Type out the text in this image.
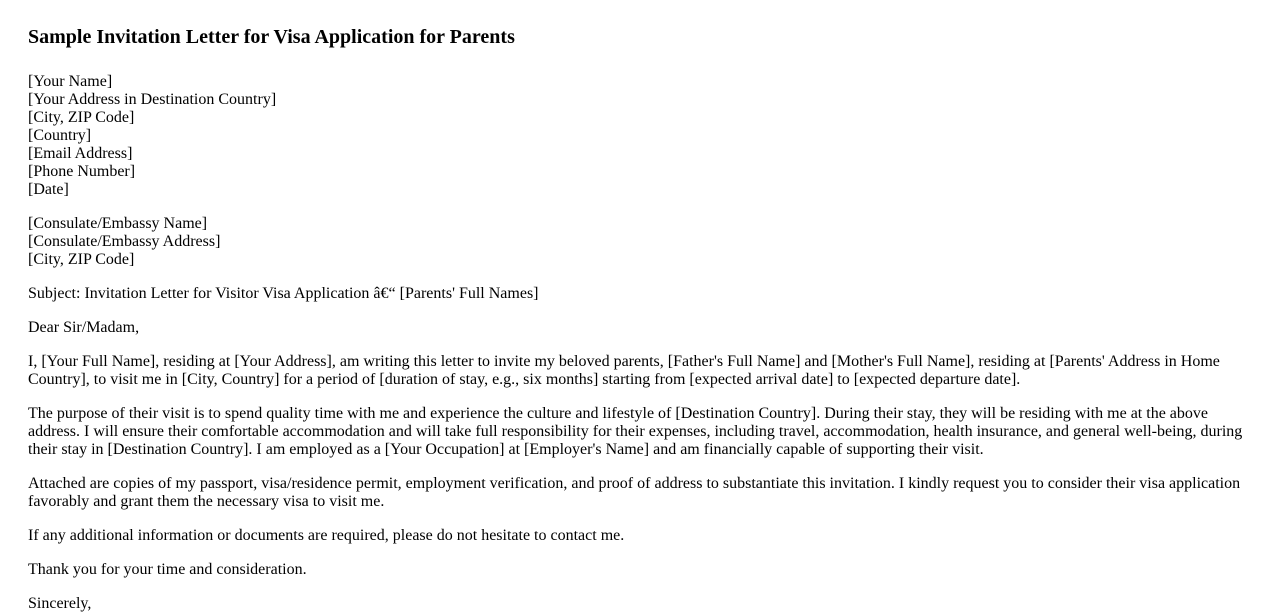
Sample Invitation Letter for Visa Application for Parents
[Your Name]
[Your Address in Destination Country]
[City, ZIP Code]
[Country]
[Email Address]
[Phone Number]
[Date]
[Consulate/Embassy Name]
[Consulate/Embassy Address]
[City, ZIP Code]

Subject: Invitation Letter for Visitor Visa Application â€“ [Parents' Full Names]

Dear Sir/Madam,

I, [Your Full Name], residing at [Your Address], am writing this letter to invite my beloved parents, [Father's Full Name] and [Mother's Full Name], residing at [Parents' Address in Home Country], to visit me in [City, Country] for a period of [duration of stay, e.g., six months] starting from [expected arrival date] to [expected departure date].

The purpose of their visit is to spend quality time with me and experience the culture and lifestyle of [Destination Country]. During their stay, they will be residing with me at the above address. I will ensure their comfortable accommodation and will take full responsibility for their expenses, including travel, accommodation, health insurance, and general well-being, during their stay in [Destination Country]. I am employed as a [Your Occupation] at [Employer's Name] and am financially capable of supporting their visit.

Attached are copies of my passport, visa/residence permit, employment verification, and proof of address to substantiate this invitation. I kindly request you to consider their visa application favorably and grant them the necessary visa to visit me.

If any additional information or documents are required, please do not hesitate to contact me.

Thank you for your time and consideration.

Sincerely,
